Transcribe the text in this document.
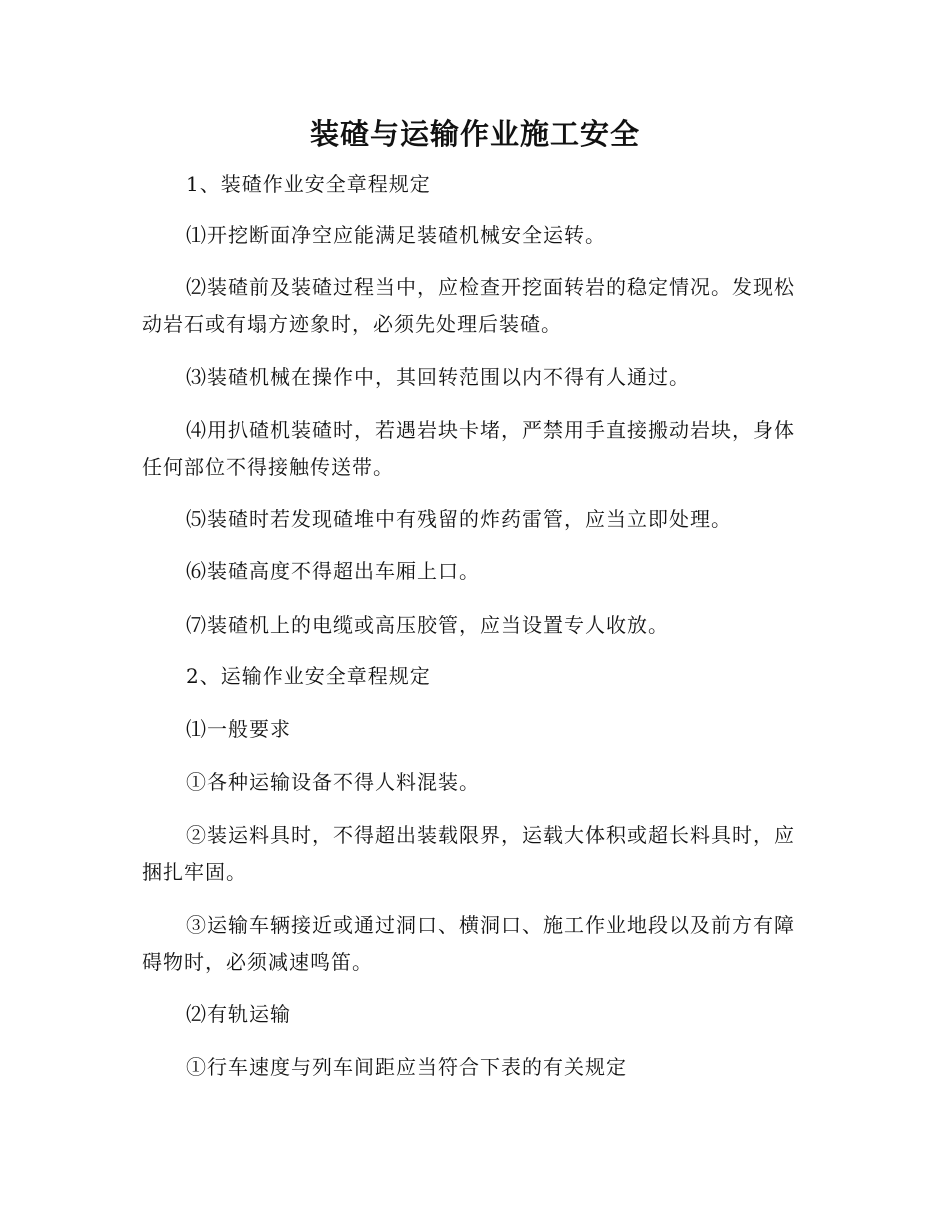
装碴与运输作业施工安全

1、装碴作业安全章程规定

⑴开挖断面净空应能满足装碴机械安全运转。

⑵装碴前及装碴过程当中，应检查开挖面转岩的稳定情况。发现松动岩石或有塌方迹象时，必须先处理后装碴。

⑶装碴机械在操作中，其回转范围以内不得有人通过。

⑷用扒碴机装碴时，若遇岩块卡堵，严禁用手直接搬动岩块，身体任何部位不得接触传送带。

⑸装碴时若发现碴堆中有残留的炸药雷管，应当立即处理。

⑹装碴高度不得超出车厢上口。

⑺装碴机上的电缆或高压胶管，应当设置专人收放。

2、运输作业安全章程规定

⑴一般要求

①各种运输设备不得人料混装。

②装运料具时，不得超出装载限界，运载大体积或超长料具时，应捆扎牢固。

③运输车辆接近或通过洞口、横洞口、施工作业地段以及前方有障碍物时，必须减速鸣笛。

⑵有轨运输

①行车速度与列车间距应当符合下表的有关规定
